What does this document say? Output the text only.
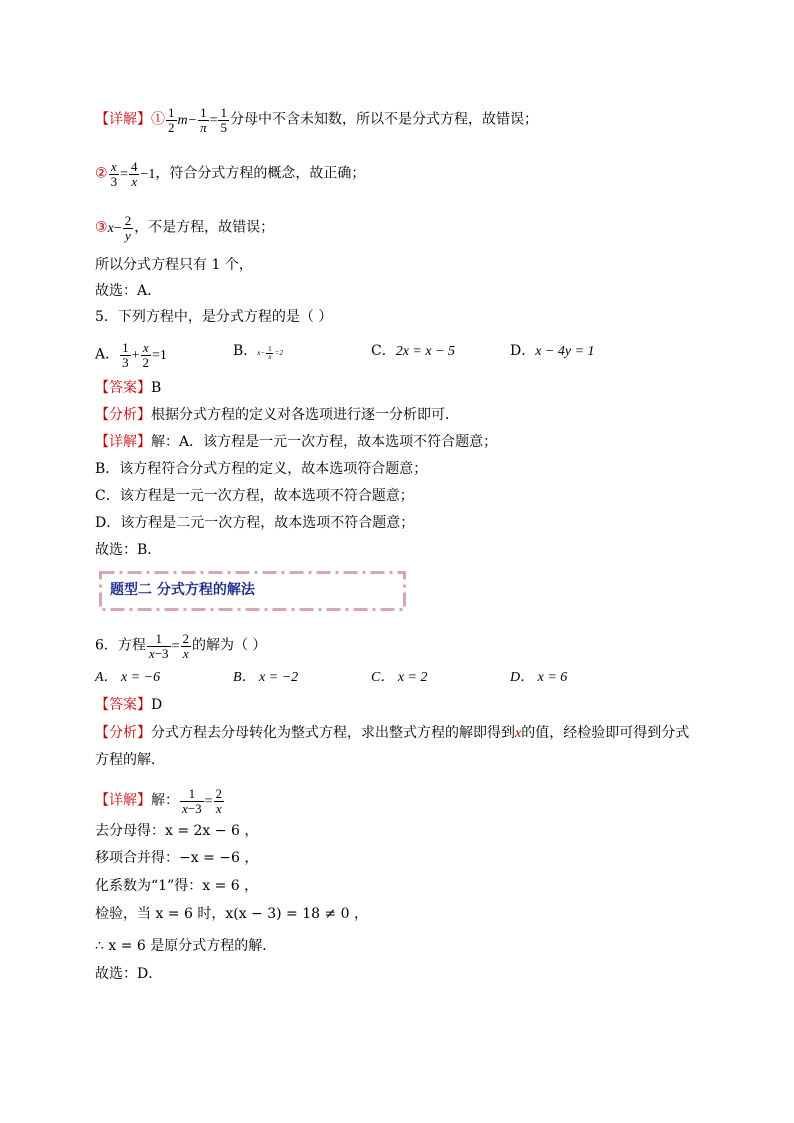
【详解】① $\frac{1}{2} m- \frac{1}{\pi} = \frac{1}{5}$ 分母中不含未知数，所以不是分式方程，故错误；
② $\frac{x}{3} = \frac{4}{x} -1$，符合分式方程的概念，故正确；
③x− $\frac{2}{y}$ ，不是方程，故错误；
所以分式方程只有 1 个，
故选：A．
5．下列方程中，是分式方程的是（ ）
A． $\frac{1}{3} + \frac{x}{2} =1$	B．$x- \frac{1}{x} =2$	C．2x = x − 5	D．x − 4y = 1
【答案】B
【分析】根据分式方程的定义对各选项进行逐一分析即可．
【详解】解：A．该方程是一元一次方程，故本选项不符合题意；
B．该方程符合分式方程的定义，故本选项符合题意；
C．该方程是一元一次方程，故本选项不符合题意；
D．该方程是二元一次方程，故本选项不符合题意；
故选：B．
题型二 分式方程的解法
6．方程 $\frac{1}{x-3} = \frac{2}{x}$ 的解为（ ）
A． x = −6	B． x = −2	C． x = 2	D． x = 6
【答案】D
【分析】分式方程去分母转化为整式方程，求出整式方程的解即得到x的值，经检验即可得到分式
方程的解．
【详解】解： $\frac{1}{x-3} = \frac{2}{x}$
去分母得：x = 2x − 6 ，
移项合并得：−x = −6 ，
化系数为“1”得：x = 6 ，
检验，当 x = 6 时，x(x − 3) = 18 ≠ 0 ，
∴ x = 6 是原分式方程的解．
故选：D．
